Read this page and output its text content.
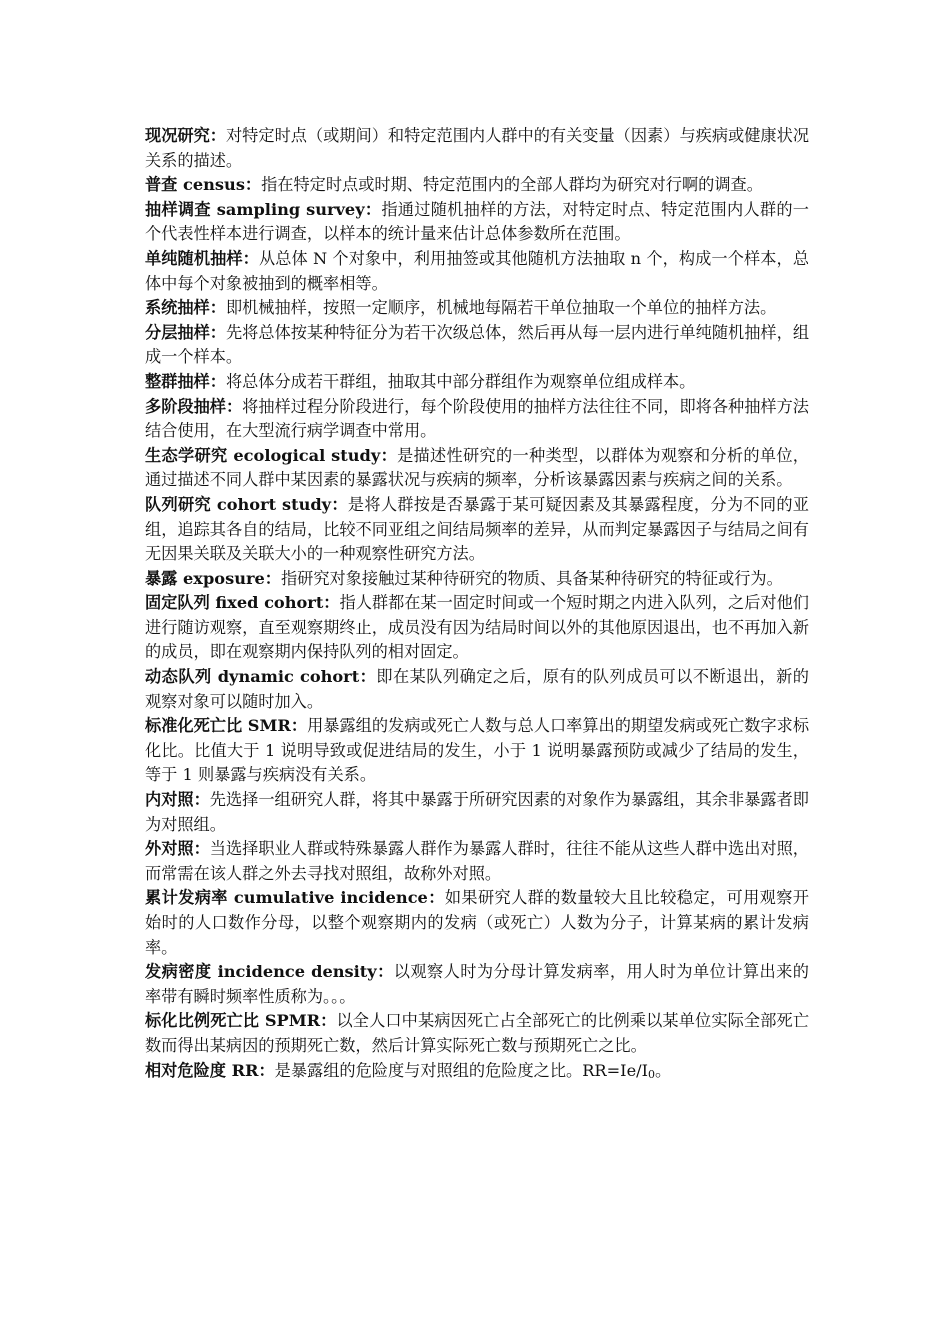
现况研究：对特定时点（或期间）和特定范围内人群中的有关变量（因素）与疾病或健康状况关系的描述。

普查 census：指在特定时点或时期、特定范围内的全部人群均为研究对行啊的调查。

抽样调查 sampling survey：指通过随机抽样的方法，对特定时点、特定范围内人群的一个代表性样本进行调查，以样本的统计量来估计总体参数所在范围。

单纯随机抽样：从总体 N 个对象中，利用抽签或其他随机方法抽取 n 个，构成一个样本，总体中每个对象被抽到的概率相等。

系统抽样：即机械抽样，按照一定顺序，机械地每隔若干单位抽取一个单位的抽样方法。

分层抽样：先将总体按某种特征分为若干次级总体，然后再从每一层内进行单纯随机抽样，组成一个样本。

整群抽样：将总体分成若干群组，抽取其中部分群组作为观察单位组成样本。

多阶段抽样：将抽样过程分阶段进行，每个阶段使用的抽样方法往往不同，即将各种抽样方法结合使用，在大型流行病学调查中常用。

生态学研究 ecological study：是描述性研究的一种类型，以群体为观察和分析的单位，通过描述不同人群中某因素的暴露状况与疾病的频率，分析该暴露因素与疾病之间的关系。

队列研究 cohort study：是将人群按是否暴露于某可疑因素及其暴露程度，分为不同的亚组，追踪其各自的结局，比较不同亚组之间结局频率的差异，从而判定暴露因子与结局之间有无因果关联及关联大小的一种观察性研究方法。

暴露 exposure：指研究对象接触过某种待研究的物质、具备某种待研究的特征或行为。

固定队列 fixed cohort：指人群都在某一固定时间或一个短时期之内进入队列，之后对他们进行随访观察，直至观察期终止，成员没有因为结局时间以外的其他原因退出，也不再加入新的成员，即在观察期内保持队列的相对固定。

动态队列 dynamic cohort：即在某队列确定之后，原有的队列成员可以不断退出，新的观察对象可以随时加入。

标准化死亡比 SMR：用暴露组的发病或死亡人数与总人口率算出的期望发病或死亡数字求标化比。比值大于 1 说明导致或促进结局的发生，小于 1 说明暴露预防或减少了结局的发生，等于 1 则暴露与疾病没有关系。

内对照：先选择一组研究人群，将其中暴露于所研究因素的对象作为暴露组，其余非暴露者即为对照组。

外对照：当选择职业人群或特殊暴露人群作为暴露人群时，往往不能从这些人群中选出对照，而常需在该人群之外去寻找对照组，故称外对照。

累计发病率 cumulative incidence：如果研究人群的数量较大且比较稳定，可用观察开始时的人口数作分母，以整个观察期内的发病（或死亡）人数为分子，计算某病的累计发病率。

发病密度 incidence density：以观察人时为分母计算发病率，用人时为单位计算出来的率带有瞬时频率性质称为。。。

标化比例死亡比 SPMR：以全人口中某病因死亡占全部死亡的比例乘以某单位实际全部死亡数而得出某病因的预期死亡数，然后计算实际死亡数与预期死亡之比。

相对危险度 RR：是暴露组的危险度与对照组的危险度之比。RR=Ie/I0。
